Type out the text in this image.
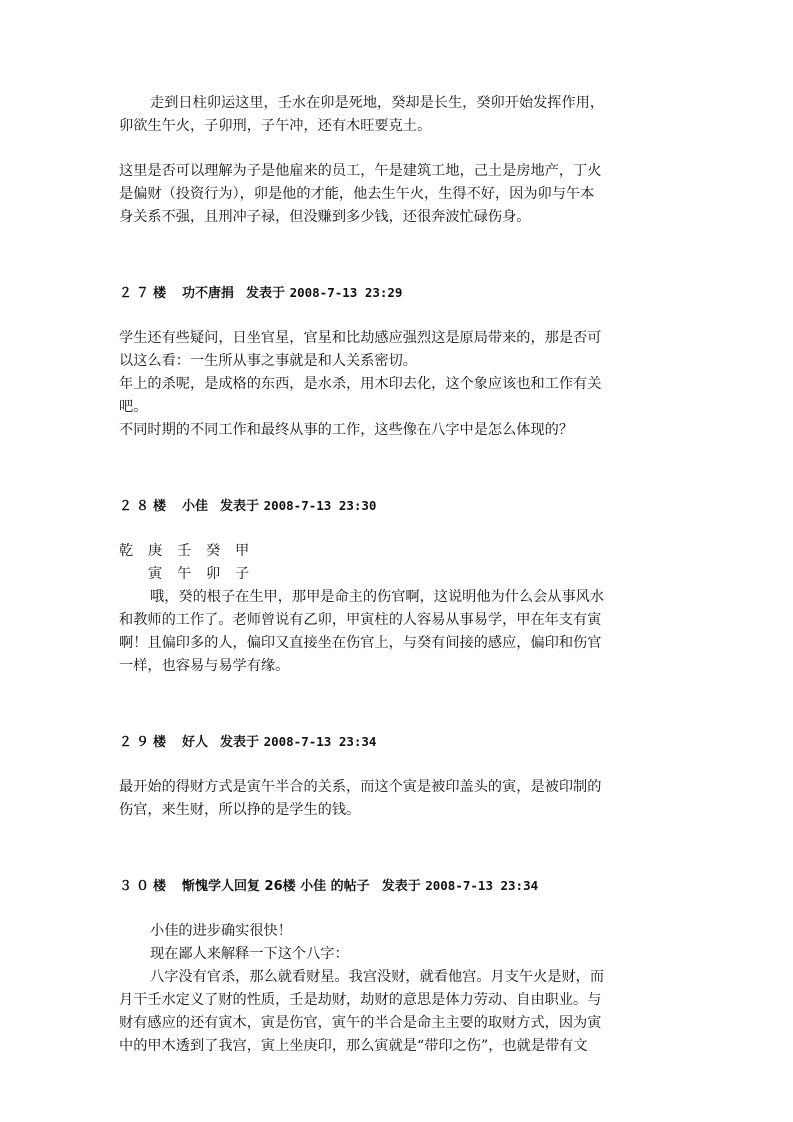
走到日柱卯运这里，壬水在卯是死地，癸却是长生，癸卯开始发挥作用，
卯欲生午火，子卯刑，子午冲，还有木旺要克土。

这里是否可以理解为子是他雇来的员工，午是建筑工地，己土是房地产，丁火
是偏财（投资行为），卯是他的才能，他去生午火，生得不好，因为卯与午本
身关系不强，且刑冲子禄，但没赚到多少钱，还很奔波忙碌伤身。

２７楼 功不唐捐 发表于 2008-7-13 23:29

学生还有些疑问，日坐官星，官星和比劫感应强烈这是原局带来的，那是否可
以这么看：一生所从事之事就是和人关系密切。
年上的杀呢，是成格的东西，是水杀，用木印去化，这个象应该也和工作有关
吧。
不同时期的不同工作和最终从事的工作，这些像在八字中是怎么体现的？

２８楼 小佳 发表于 2008-7-13 23:30

乾 庚 壬 癸 甲
寅 午 卯 子

哦，癸的根子在生甲，那甲是命主的伤官啊，这说明他为什么会从事风水
和教师的工作了。老师曾说有乙卯，甲寅柱的人容易从事易学，甲在年支有寅
啊！且偏印多的人，偏印又直接坐在伤官上，与癸有间接的感应，偏印和伤官
一样，也容易与易学有缘。

２９楼 好人 发表于 2008-7-13 23:34

最开始的得财方式是寅午半合的关系，而这个寅是被印盖头的寅，是被印制的
伤官，来生财，所以挣的是学生的钱。

３０楼 惭愧学人回复 26楼 小佳 的帖子 发表于 2008-7-13 23:34

小佳的进步确实很快！
现在鄙人来解释一下这个八字：
八字没有官杀，那么就看财星。我宫没财，就看他宫。月支午火是财，而
月干壬水定义了财的性质，壬是劫财，劫财的意思是体力劳动、自由职业。与
财有感应的还有寅木，寅是伤官，寅午的半合是命主主要的取财方式，因为寅
中的甲木透到了我宫，寅上坐庚印，那么寅就是“带印之伤”，也就是带有文
